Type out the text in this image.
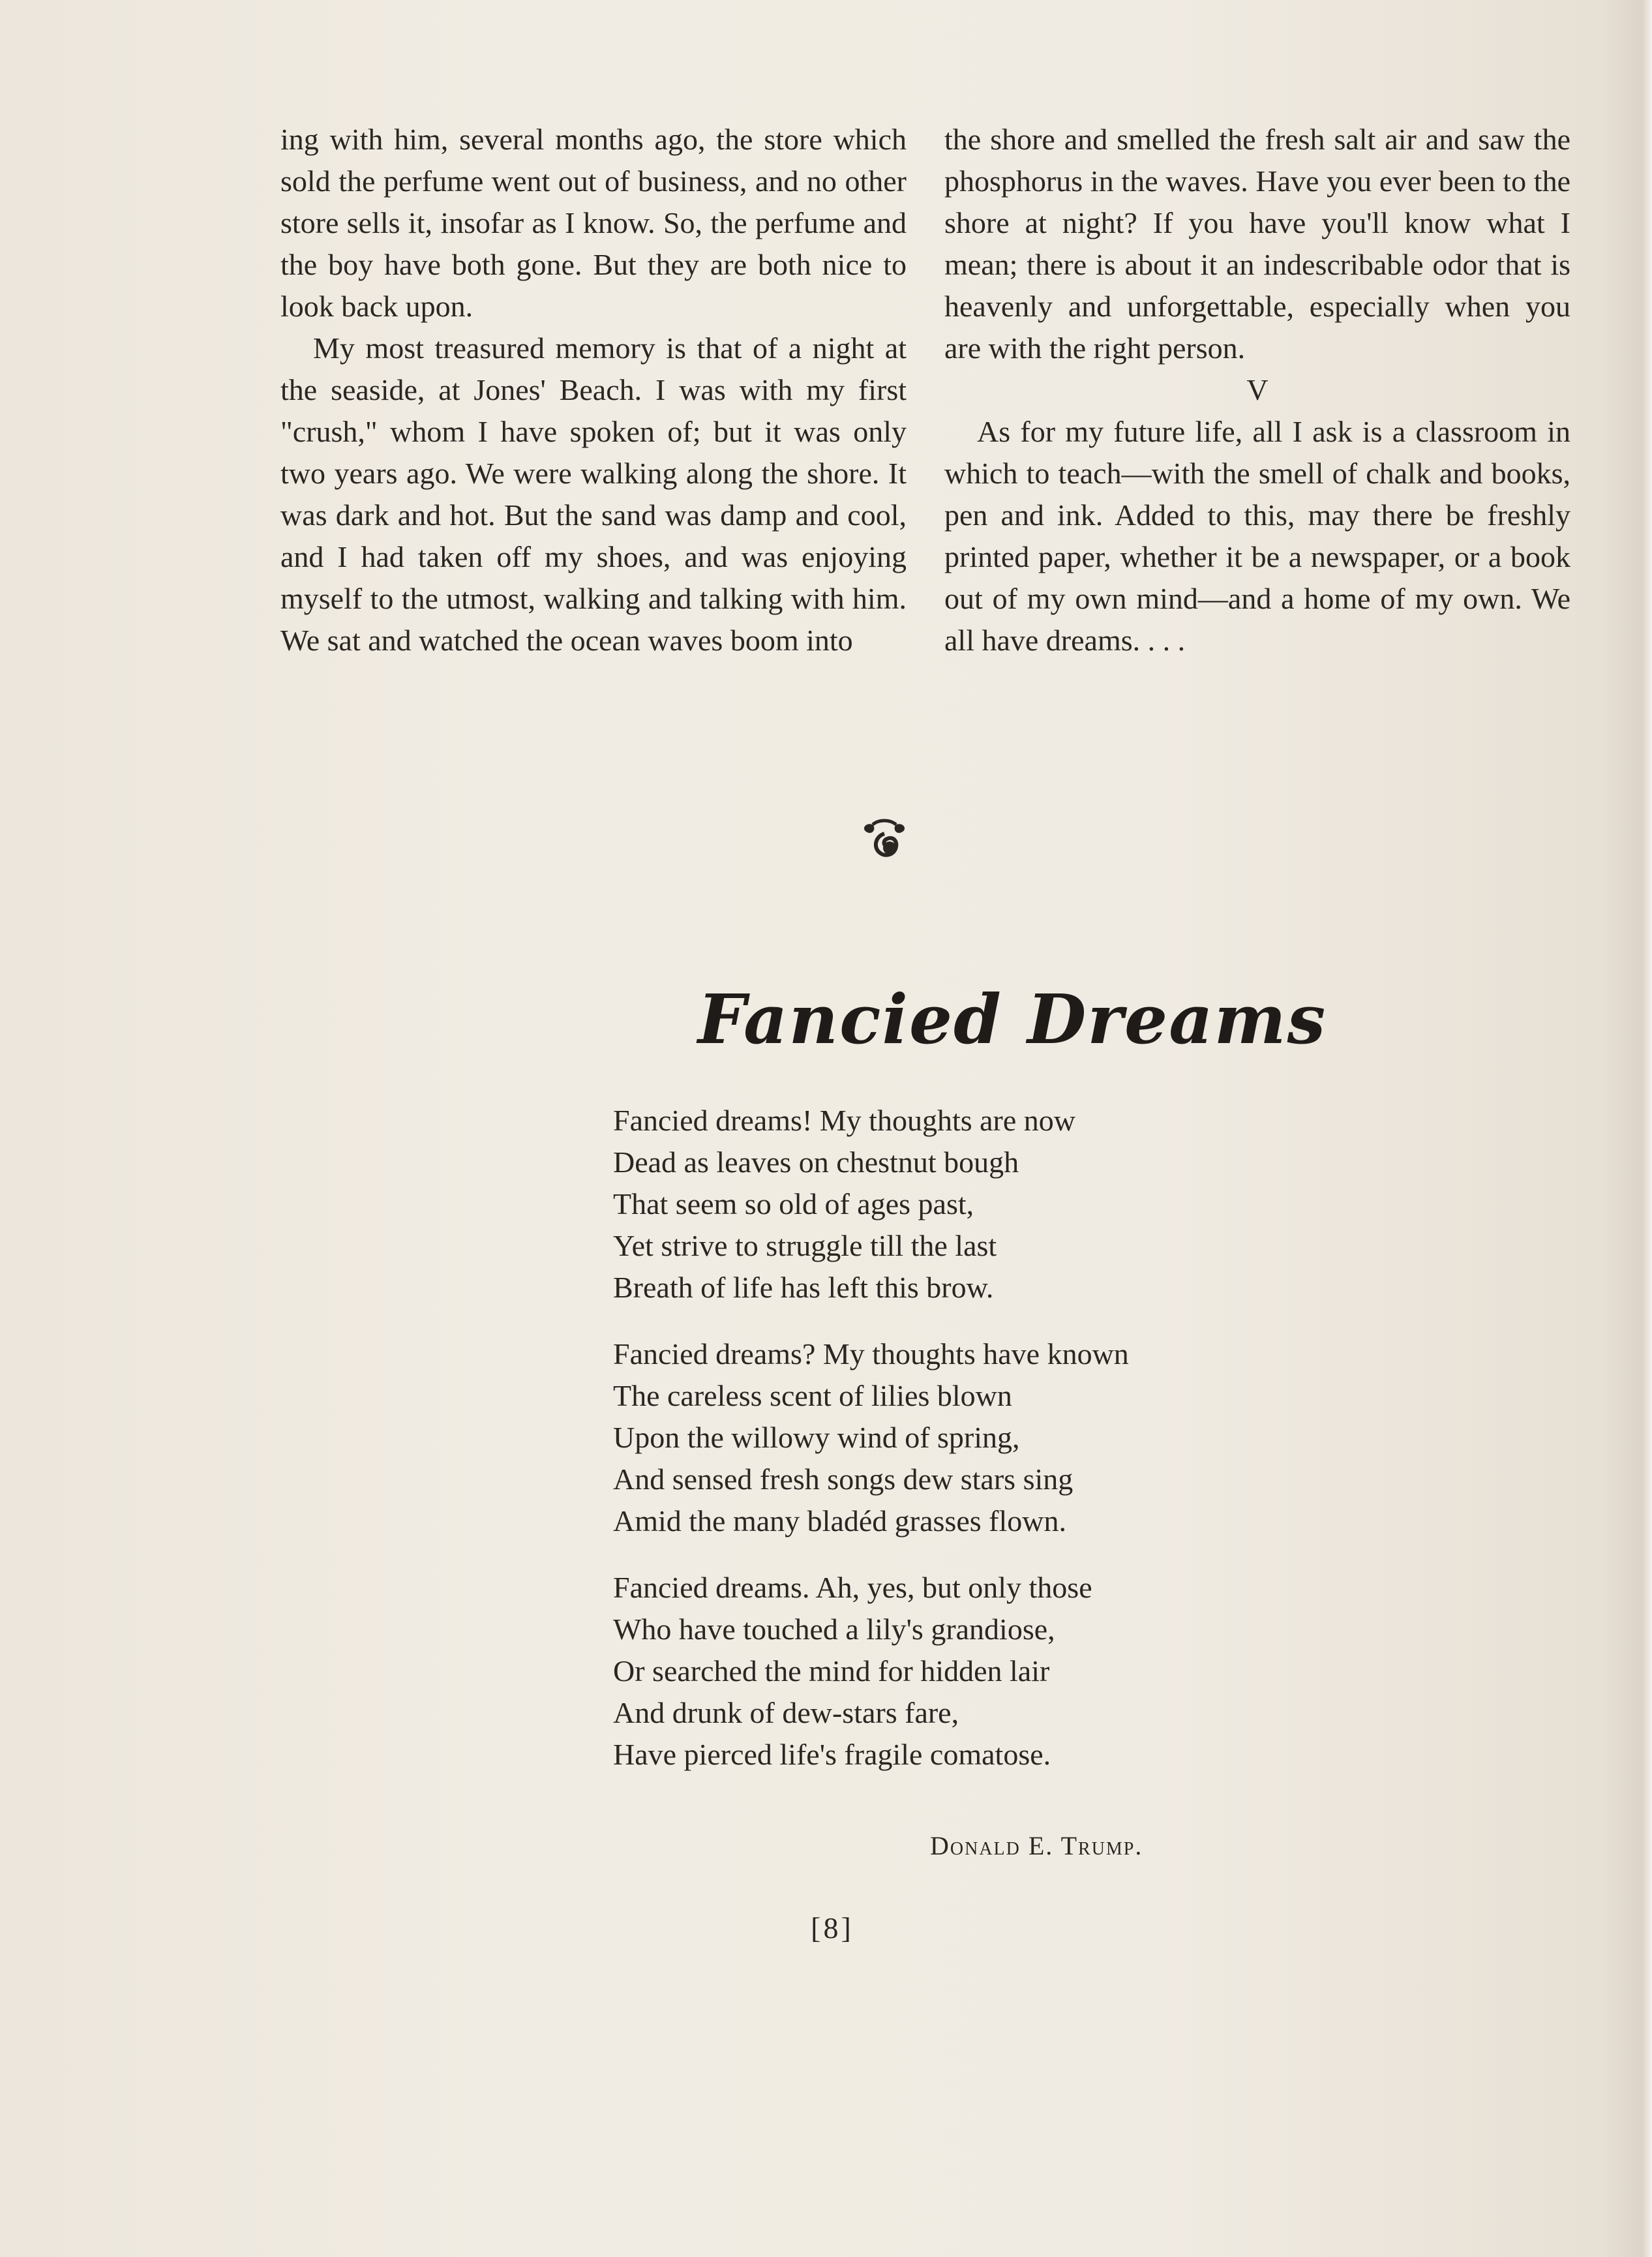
ing with him, several months ago, the store which sold the perfume went out of business, and no other store sells it, insofar as I know. So, the perfume and the boy have both gone. But they are both nice to look back upon.

My most treasured memory is that of a night at the seaside, at Jones' Beach. I was with my first "crush," whom I have spoken of; but it was only two years ago. We were walking along the shore. It was dark and hot. But the sand was damp and cool, and I had taken off my shoes, and was enjoying myself to the utmost, walking and talking with him. We sat and watched the ocean waves boom into

the shore and smelled the fresh salt air and saw the phosphorus in the waves. Have you ever been to the shore at night? If you have you'll know what I mean; there is about it an indescribable odor that is heavenly and unforgettable, especially when you are with the right person.

V

As for my future life, all I ask is a classroom in which to teach—with the smell of chalk and books, pen and ink. Added to this, may there be freshly printed paper, whether it be a newspaper, or a book out of my own mind—and a home of my own. We all have dreams. . . .

Fancied Dreams
Fancied dreams! My thoughts are now
Dead as leaves on chestnut bough
That seem so old of ages past,
Yet strive to struggle till the last
Breath of life has left this brow.
Fancied dreams? My thoughts have known
The careless scent of lilies blown
Upon the willowy wind of spring,
And sensed fresh songs dew stars sing
Amid the many bladéd grasses flown.
Fancied dreams. Ah, yes, but only those
Who have touched a lily's grandiose,
Or searched the mind for hidden lair
And drunk of dew-stars fare,
Have pierced life's fragile comatose.
Donald E. Trump.
[8]
